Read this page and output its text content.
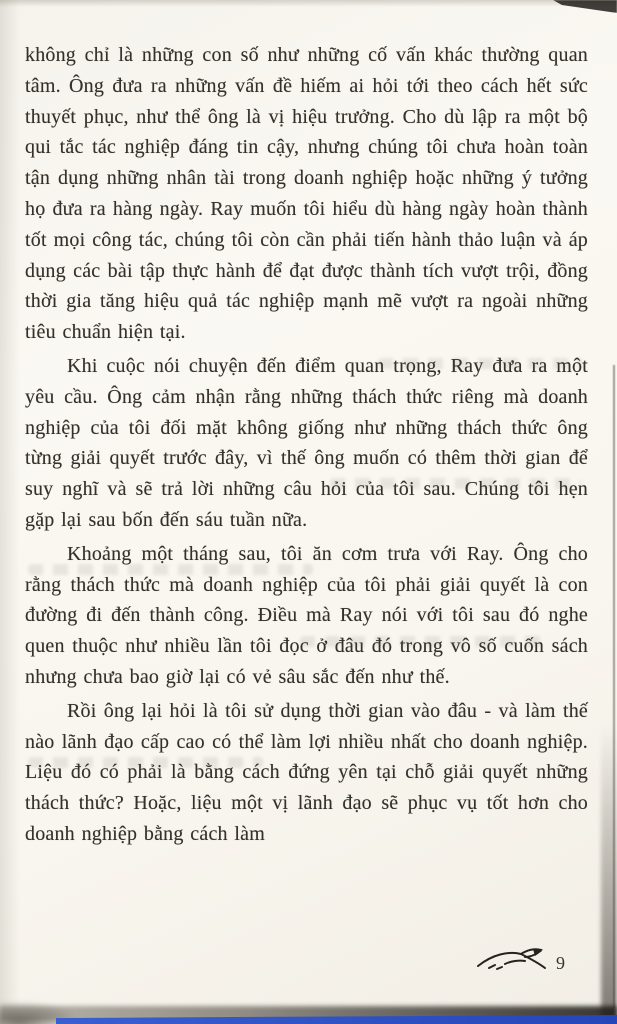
không chỉ là những con số như những cố vấn khác thường quan tâm. Ông đưa ra những vấn đề hiếm ai hỏi tới theo cách hết sức thuyết phục, như thể ông là vị hiệu trưởng. Cho dù lập ra một bộ qui tắc tác nghiệp đáng tin cậy, nhưng chúng tôi chưa hoàn toàn tận dụng những nhân tài trong doanh nghiệp hoặc những ý tưởng họ đưa ra hàng ngày. Ray muốn tôi hiểu dù hàng ngày hoàn thành tốt mọi công tác, chúng tôi còn cần phải tiến hành thảo luận và áp dụng các bài tập thực hành để đạt được thành tích vượt trội, đồng thời gia tăng hiệu quả tác nghiệp mạnh mẽ vượt ra ngoài những tiêu chuẩn hiện tại.

Khi cuộc nói chuyện đến điểm quan trọng, Ray đưa ra một yêu cầu. Ông cảm nhận rằng những thách thức riêng mà doanh nghiệp của tôi đối mặt không giống như những thách thức ông từng giải quyết trước đây, vì thế ông muốn có thêm thời gian để suy nghĩ và sẽ trả lời những câu hỏi của tôi sau. Chúng tôi hẹn gặp lại sau bốn đến sáu tuần nữa.

Khoảng một tháng sau, tôi ăn cơm trưa với Ray. Ông cho rằng thách thức mà doanh nghiệp của tôi phải giải quyết là con đường đi đến thành công. Điều mà Ray nói với tôi sau đó nghe quen thuộc như nhiều lần tôi đọc ở đâu đó trong vô số cuốn sách nhưng chưa bao giờ lại có vẻ sâu sắc đến như thế.

Rồi ông lại hỏi là tôi sử dụng thời gian vào đâu - và làm thế nào lãnh đạo cấp cao có thể làm lợi nhiều nhất cho doanh nghiệp. Liệu đó có phải là bằng cách đứng yên tại chỗ giải quyết những thách thức? Hoặc, liệu một vị lãnh đạo sẽ phục vụ tốt hơn cho doanh nghiệp bằng cách làm

9
